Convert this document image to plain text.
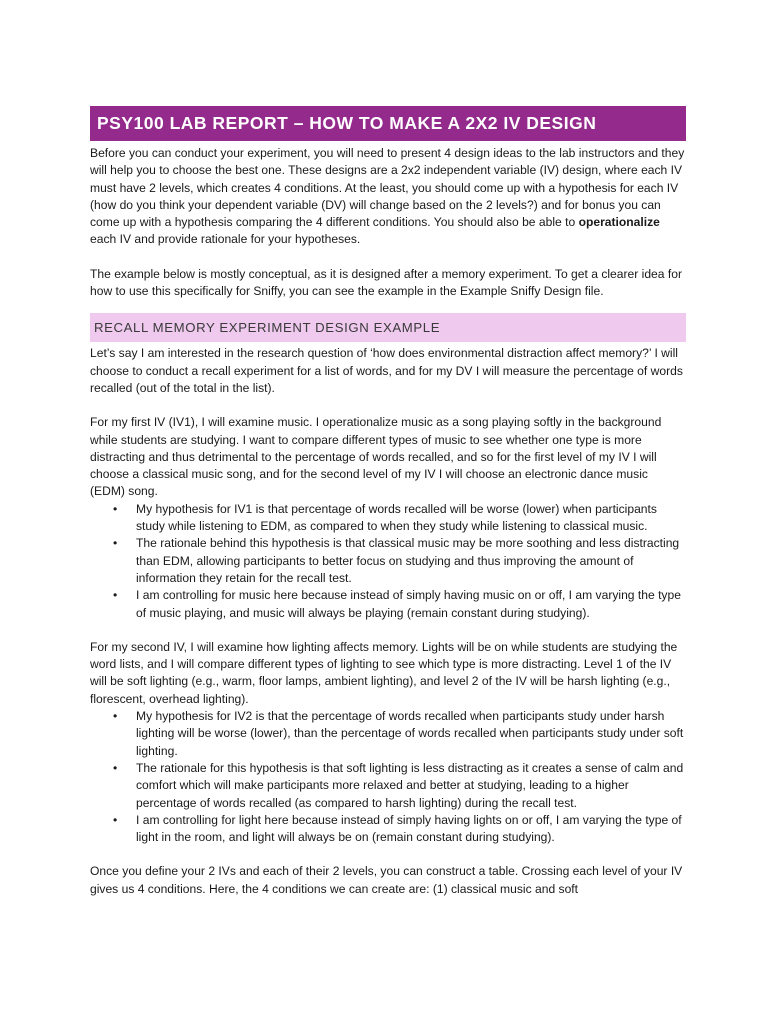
PSY100 LAB REPORT – HOW TO MAKE A 2X2 IV DESIGN

Before you can conduct your experiment, you will need to present 4 design ideas to the lab instructors and they will help you to choose the best one. These designs are a 2x2 independent variable (IV) design, where each IV must have 2 levels, which creates 4 conditions. At the least, you should come up with a hypothesis for each IV (how do you think your dependent variable (DV) will change based on the 2 levels?) and for bonus you can come up with a hypothesis comparing the 4 different conditions. You should also be able to operationalize each IV and provide rationale for your hypotheses.

The example below is mostly conceptual, as it is designed after a memory experiment. To get a clearer idea for how to use this specifically for Sniffy, you can see the example in the Example Sniffy Design file.

RECALL MEMORY EXPERIMENT DESIGN EXAMPLE

Let’s say I am interested in the research question of ‘how does environmental distraction affect memory?’ I will choose to conduct a recall experiment for a list of words, and for my DV I will measure the percentage of words recalled (out of the total in the list).

For my first IV (IV1), I will examine music. I operationalize music as a song playing softly in the background while students are studying. I want to compare different types of music to see whether one type is more distracting and thus detrimental to the percentage of words recalled, and so for the first level of my IV I will choose a classical music song, and for the second level of my IV I will choose an electronic dance music (EDM) song.

• My hypothesis for IV1 is that percentage of words recalled will be worse (lower) when participants study while listening to EDM, as compared to when they study while listening to classical music.
• The rationale behind this hypothesis is that classical music may be more soothing and less distracting than EDM, allowing participants to better focus on studying and thus improving the amount of information they retain for the recall test.
• I am controlling for music here because instead of simply having music on or off, I am varying the type of music playing, and music will always be playing (remain constant during studying).

For my second IV, I will examine how lighting affects memory. Lights will be on while students are studying the word lists, and I will compare different types of lighting to see which type is more distracting. Level 1 of the IV will be soft lighting (e.g., warm, floor lamps, ambient lighting), and level 2 of the IV will be harsh lighting (e.g., florescent, overhead lighting).

• My hypothesis for IV2 is that the percentage of words recalled when participants study under harsh lighting will be worse (lower), than the percentage of words recalled when participants study under soft lighting.
• The rationale for this hypothesis is that soft lighting is less distracting as it creates a sense of calm and comfort which will make participants more relaxed and better at studying, leading to a higher percentage of words recalled (as compared to harsh lighting) during the recall test.
• I am controlling for light here because instead of simply having lights on or off, I am varying the type of light in the room, and light will always be on (remain constant during studying).

Once you define your 2 IVs and each of their 2 levels, you can construct a table. Crossing each level of your IV gives us 4 conditions. Here, the 4 conditions we can create are: (1) classical music and soft
